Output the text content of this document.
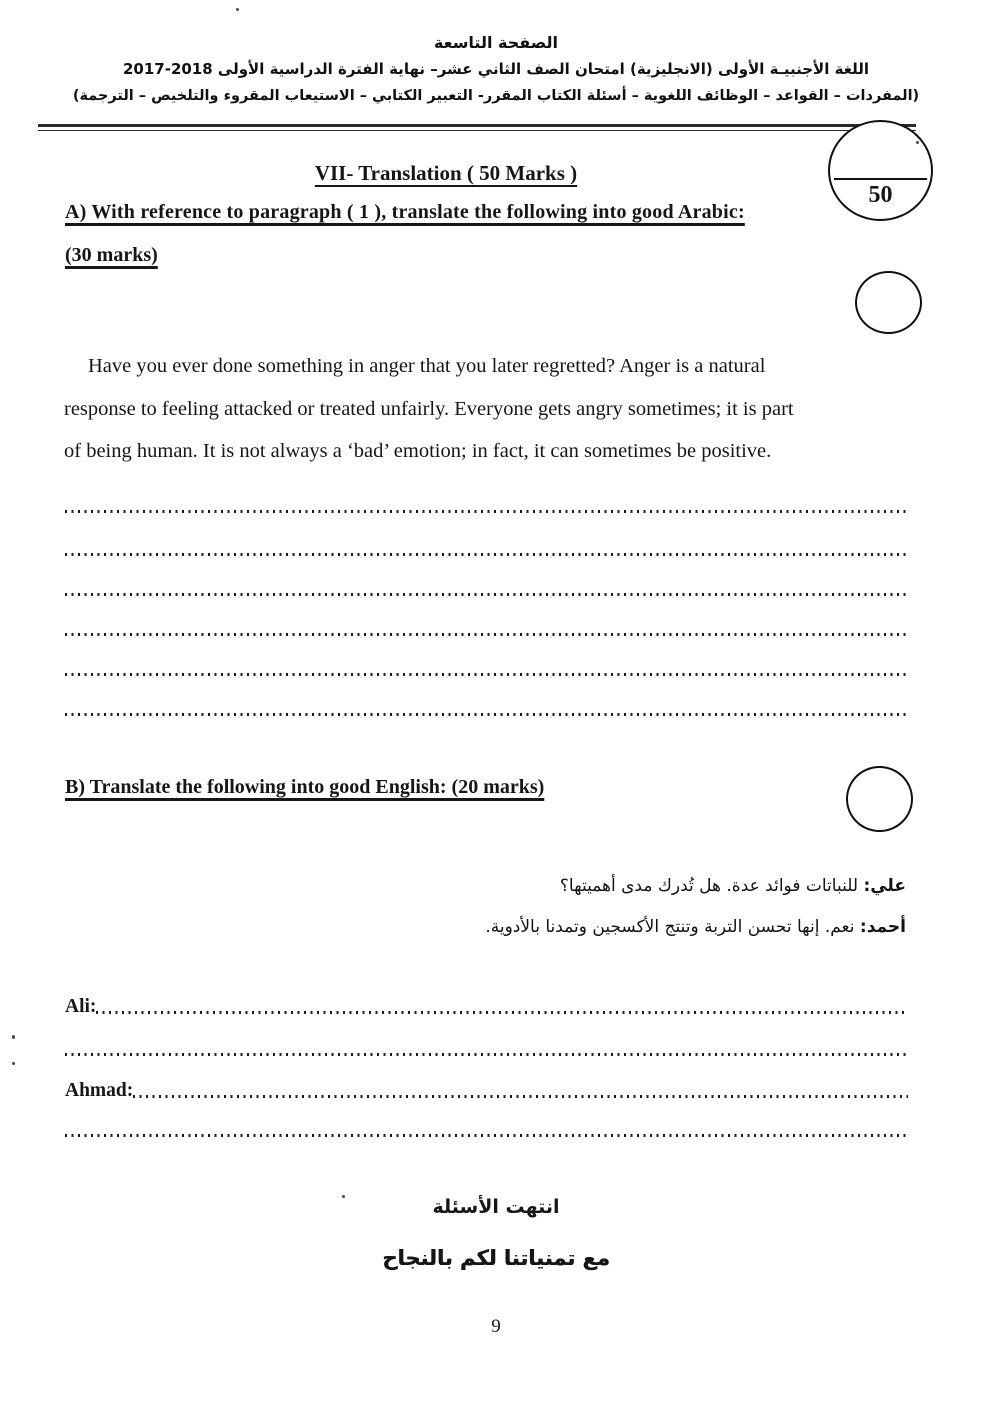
الصفحة التاسعة
اللغة الأجنبيـة الأولى (الانجليزية) امتحان الصف الثاني عشر– نهاية الفترة الدراسية الأولى 2018-2017
(المفردات – القواعد – الوظائف اللغوية – أسئلة الكتاب المقرر- التعبير الكتابي – الاستيعاب المقروء والتلخيص – الترجمة)
50
VII- Translation ( 50 Marks )
A) With reference to paragraph ( 1 ), translate the following into good Arabic:
(30 marks)
Have you ever done something in anger that you later regretted? Anger is a natural
response to feeling attacked or treated unfairly. Everyone gets angry sometimes; it is part
of being human. It is not always a ‘bad’ emotion; in fact, it can sometimes be positive.
B) Translate the following into good English: (20 marks)
علي: للنباتات فوائد عدة. هل تُدرك مدى أهميتها؟
أحمد: نعم. إنها تحسن التربة وتنتج الأكسجين وتمدنا بالأدوية.
Ali:
Ahmad:
انتهت الأسئلة
مع تمنياتنا لكم بالنجاح
9
